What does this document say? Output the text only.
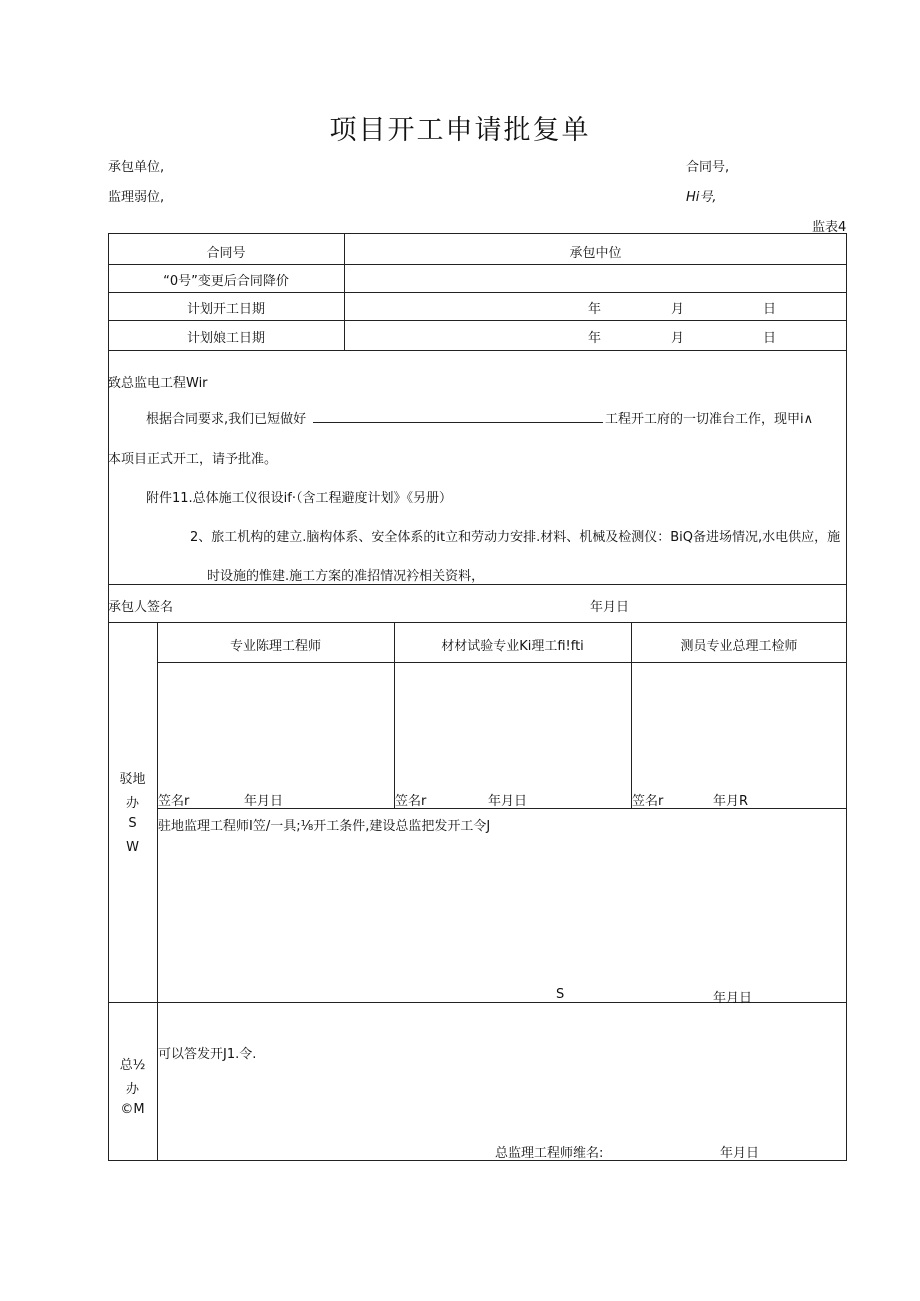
项目开工申请批复单
承包单位,	合同号,
监理弱位,	Hi号,
监表4
合同号	承包中位
“0号”变更后合同降价
计划开工日期	年	月	日
计划娘工日期	年	月	日
致总监电工程Wir
根据合同要求,我们已短做好	工程开工府的一切准台工作，现甲i∧
本项目正式开工，请予批准。
附件11.总体施工仪很设if·（含工程避度计划》《另册）
2、旅工机构的建立.脑构体系、安全体系的it立和劳动力安排.材料、机械及检测仪：BiQ备进场情况,水电供应，施
时设施的惟建.施工方案的准招情况衿相关资料，
承包人签名	年月日
驳地
办
S
W
专业陈理工程师	材材试验专业Ki理工fi!fti	测员专业总理工检师
笠名r	年月日	笠名r	年月日	笠名r	年月R
驻地监理工程师I笠/一具;⅛开工条件,建设总监把发开工令J
S	年月日
总½
办
©M
可以答发开J1.令.
总监理工程师维名:	年月日
